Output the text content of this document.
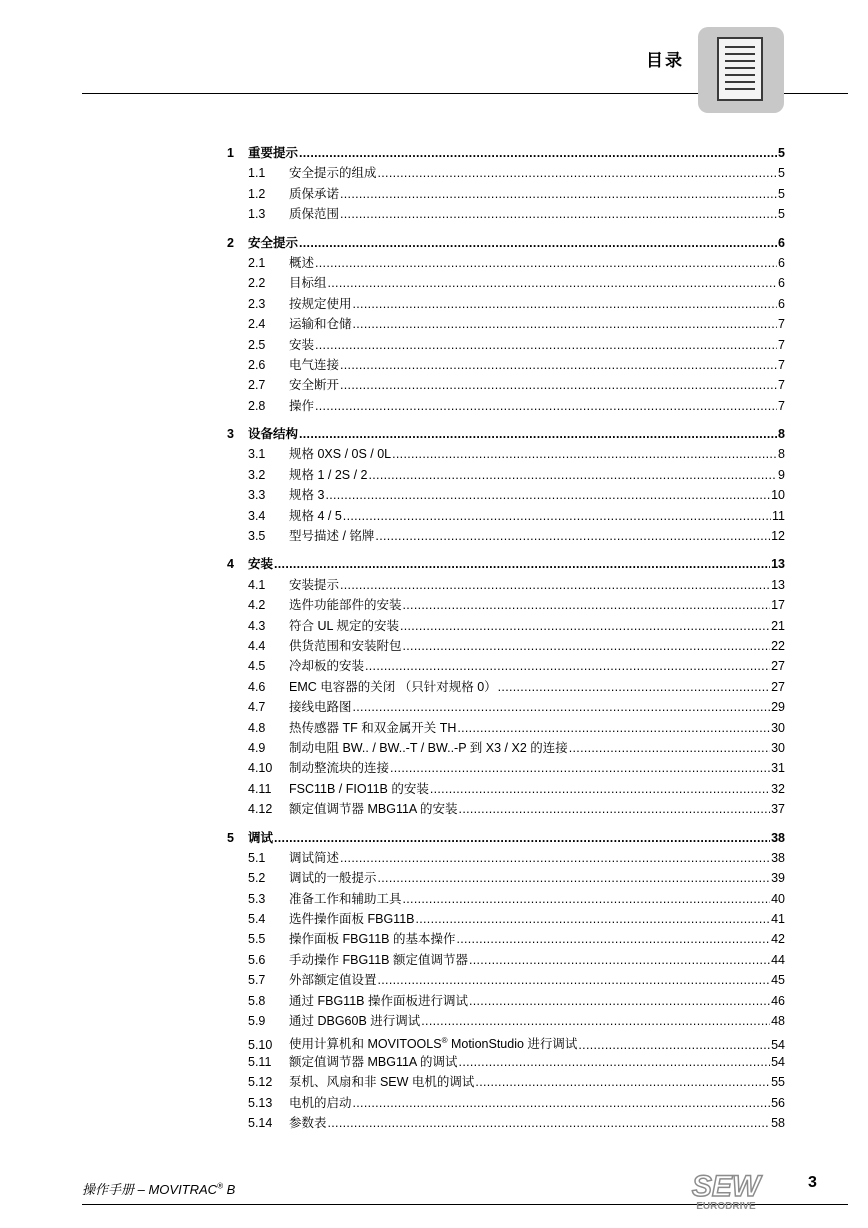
目录
1	重要提示 .....	5
1.1	安全提示的组成 .....	5
1.2	质保承诺 .....	5
1.3	质保范围 .....	5
2	安全提示 .....	6
2.1	概述 .....	6
2.2	目标组 .....	6
2.3	按规定使用 .....	6
2.4	运输和仓储 .....	7
2.5	安装 .....	7
2.6	电气连接 .....	7
2.7	安全断开 .....	7
2.8	操作 .....	7
3	设备结构 .....	8
3.1	规格 0XS / 0S / 0L .....	8
3.2	规格 1 / 2S / 2 .....	9
3.3	规格 3 .....	10
3.4	规格 4 / 5 .....	11
3.5	型号描述 / 铭牌 .....	12
4	安装 .....	13
4.1	安装提示 .....	13
4.2	选件功能部件的安装 .....	17
4.3	符合 UL 规定的安装 .....	21
4.4	供货范围和安装附包 .....	22
4.5	冷却板的安装 .....	27
4.6	EMC 电容器的关闭 （只针对规格 0） .....	27
4.7	接线电路图 .....	29
4.8	热传感器 TF 和双金属开关 TH .....	30
4.9	制动电阻 BW.. / BW..-T / BW..-P 到 X3 / X2 的连接 .....	30
4.10	制动整流块的连接 .....	31
4.11	FSC11B / FIO11B 的安装 .....	32
4.12	额定值调节器 MBG11A 的安装 .....	37
5	调试 .....	38
5.1	调试简述 .....	38
5.2	调试的一般提示 .....	39
5.3	准备工作和辅助工具 .....	40
5.4	选件操作面板 FBG11B .....	41
5.5	操作面板 FBG11B 的基本操作 .....	42
5.6	手动操作 FBG11B 额定值调节器 .....	44
5.7	外部额定值设置 .....	45
5.8	通过 FBG11B 操作面板进行调试 .....	46
5.9	通过 DBG60B 进行调试 .....	48
5.10	使用计算机和 MOVITOOLS® MotionStudio 进行调试 .....	54
5.11	额定值调节器 MBG11A 的调试 .....	54
5.12	泵机、风扇和非 SEW 电机的调试 .....	55
5.13	电机的启动 .....	56
5.14	参数表 .....	58
操作手册 – MOVITRAC® B	SEW
EURODRIVE
3
